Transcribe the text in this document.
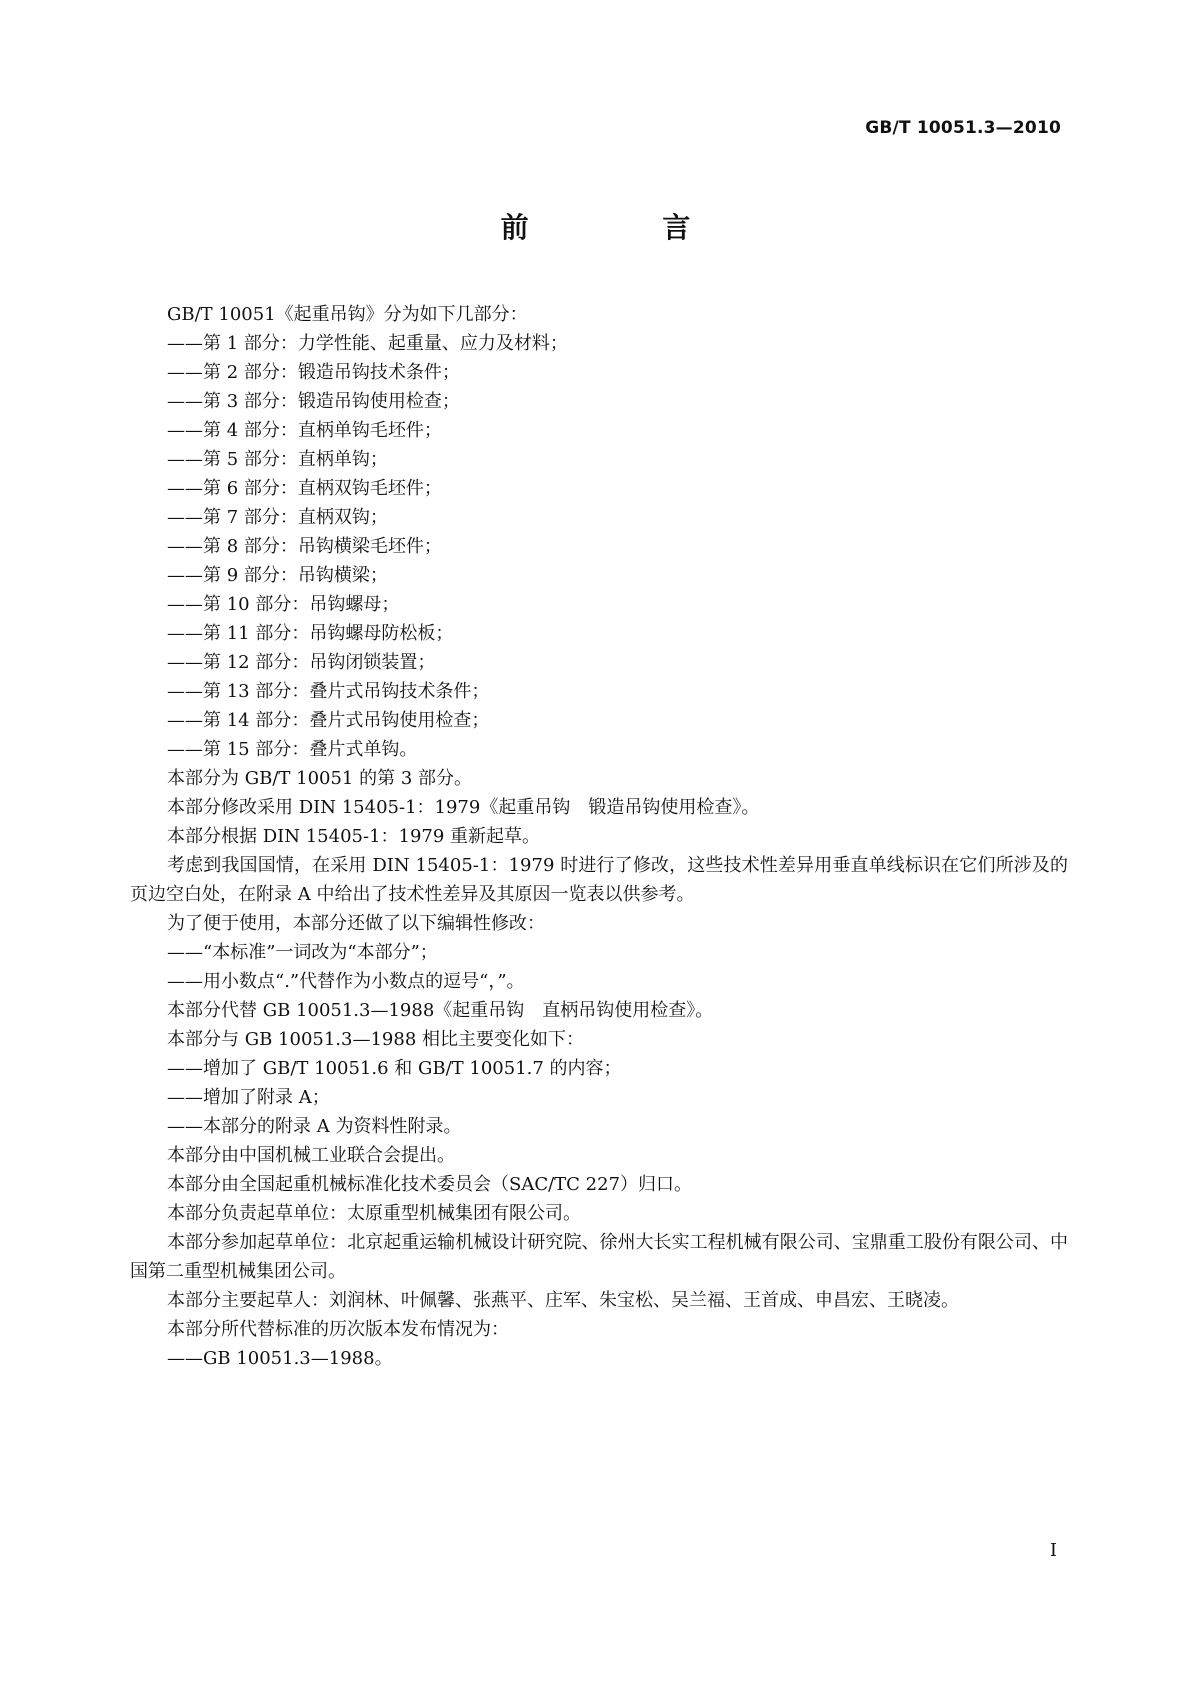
GB/T 10051.3—2010
前 言
GB/T 10051《起重吊钩》分为如下几部分：
——第 1 部分：力学性能、起重量、应力及材料；
——第 2 部分：锻造吊钩技术条件；
——第 3 部分：锻造吊钩使用检查；
——第 4 部分：直柄单钩毛坯件；
——第 5 部分：直柄单钩；
——第 6 部分：直柄双钩毛坯件；
——第 7 部分：直柄双钩；
——第 8 部分：吊钩横梁毛坯件；
——第 9 部分：吊钩横梁；
——第 10 部分：吊钩螺母；
——第 11 部分：吊钩螺母防松板；
——第 12 部分：吊钩闭锁装置；
——第 13 部分：叠片式吊钩技术条件；
——第 14 部分：叠片式吊钩使用检查；
——第 15 部分：叠片式单钩。
本部分为 GB/T 10051 的第 3 部分。
本部分修改采用 DIN 15405-1：1979《起重吊钩　锻造吊钩使用检查》。
本部分根据 DIN 15405-1：1979 重新起草。
考虑到我国国情，在采用 DIN 15405-1：1979 时进行了修改，这些技术性差异用垂直单线标识在它们所涉及的页边空白处，在附录 A 中给出了技术性差异及其原因一览表以供参考。
为了便于使用，本部分还做了以下编辑性修改：
——“本标准”一词改为“本部分”；
——用小数点“.”代替作为小数点的逗号“，”。
本部分代替 GB 10051.3—1988《起重吊钩　直柄吊钩使用检查》。
本部分与 GB 10051.3—1988 相比主要变化如下：
——增加了 GB/T 10051.6 和 GB/T 10051.7 的内容；
——增加了附录 A；
——本部分的附录 A 为资料性附录。
本部分由中国机械工业联合会提出。
本部分由全国起重机械标准化技术委员会（SAC/TC 227）归口。
本部分负责起草单位：太原重型机械集团有限公司。
本部分参加起草单位：北京起重运输机械设计研究院、徐州大长实工程机械有限公司、宝鼎重工股份有限公司、中国第二重型机械集团公司。
本部分主要起草人：刘润林、叶佩馨、张燕平、庄军、朱宝松、吴兰福、王首成、申昌宏、王晓凌。
本部分所代替标准的历次版本发布情况为：
——GB 10051.3—1988。
I
